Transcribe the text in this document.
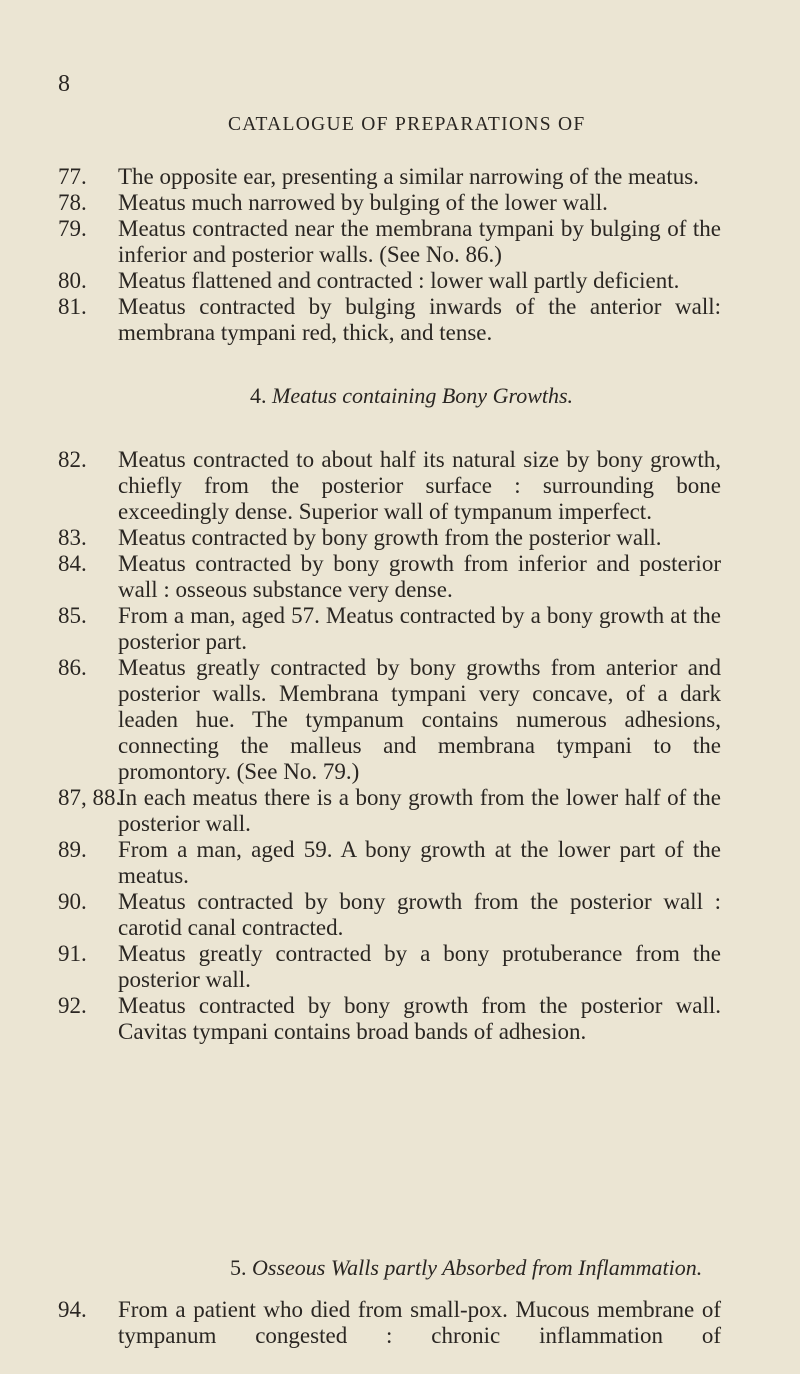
8
CATALOGUE OF PREPARATIONS OF
77. The opposite ear, presenting a similar narrowing of the meatus.
78. Meatus much narrowed by bulging of the lower wall.
79. Meatus contracted near the membrana tympani by bulging of the inferior and posterior walls. (See No. 86.)
80. Meatus flattened and contracted : lower wall partly deficient.
81. Meatus contracted by bulging inwards of the anterior wall: membrana tympani red, thick, and tense.
4. Meatus containing Bony Growths.
82. Meatus contracted to about half its natural size by bony growth, chiefly from the posterior surface : surrounding bone exceedingly dense. Superior wall of tympanum imperfect.
83. Meatus contracted by bony growth from the posterior wall.
84. Meatus contracted by bony growth from inferior and posterior wall : osseous substance very dense.
85. From a man, aged 57. Meatus contracted by a bony growth at the posterior part.
86. Meatus greatly contracted by bony growths from anterior and posterior walls. Membrana tympani very concave, of a dark leaden hue. The tympanum contains numerous adhesions, connecting the malleus and membrana tympani to the promontory. (See No. 79.)
87, 88.
In each meatus there is a bony growth from the lower half of the posterior wall.
89. From a man, aged 59. A bony growth at the lower part of the meatus.
90. Meatus contracted by bony growth from the posterior wall : carotid canal contracted.
91. Meatus greatly contracted by a bony protuberance from the posterior wall.
92. Meatus contracted by bony growth from the posterior wall. Cavitas tympani contains broad bands of adhesion.
5. Osseous Walls partly Absorbed from Inflammation.
94. From a patient who died from small-pox. Mucous membrane of tympanum congested : chronic inflammation of
